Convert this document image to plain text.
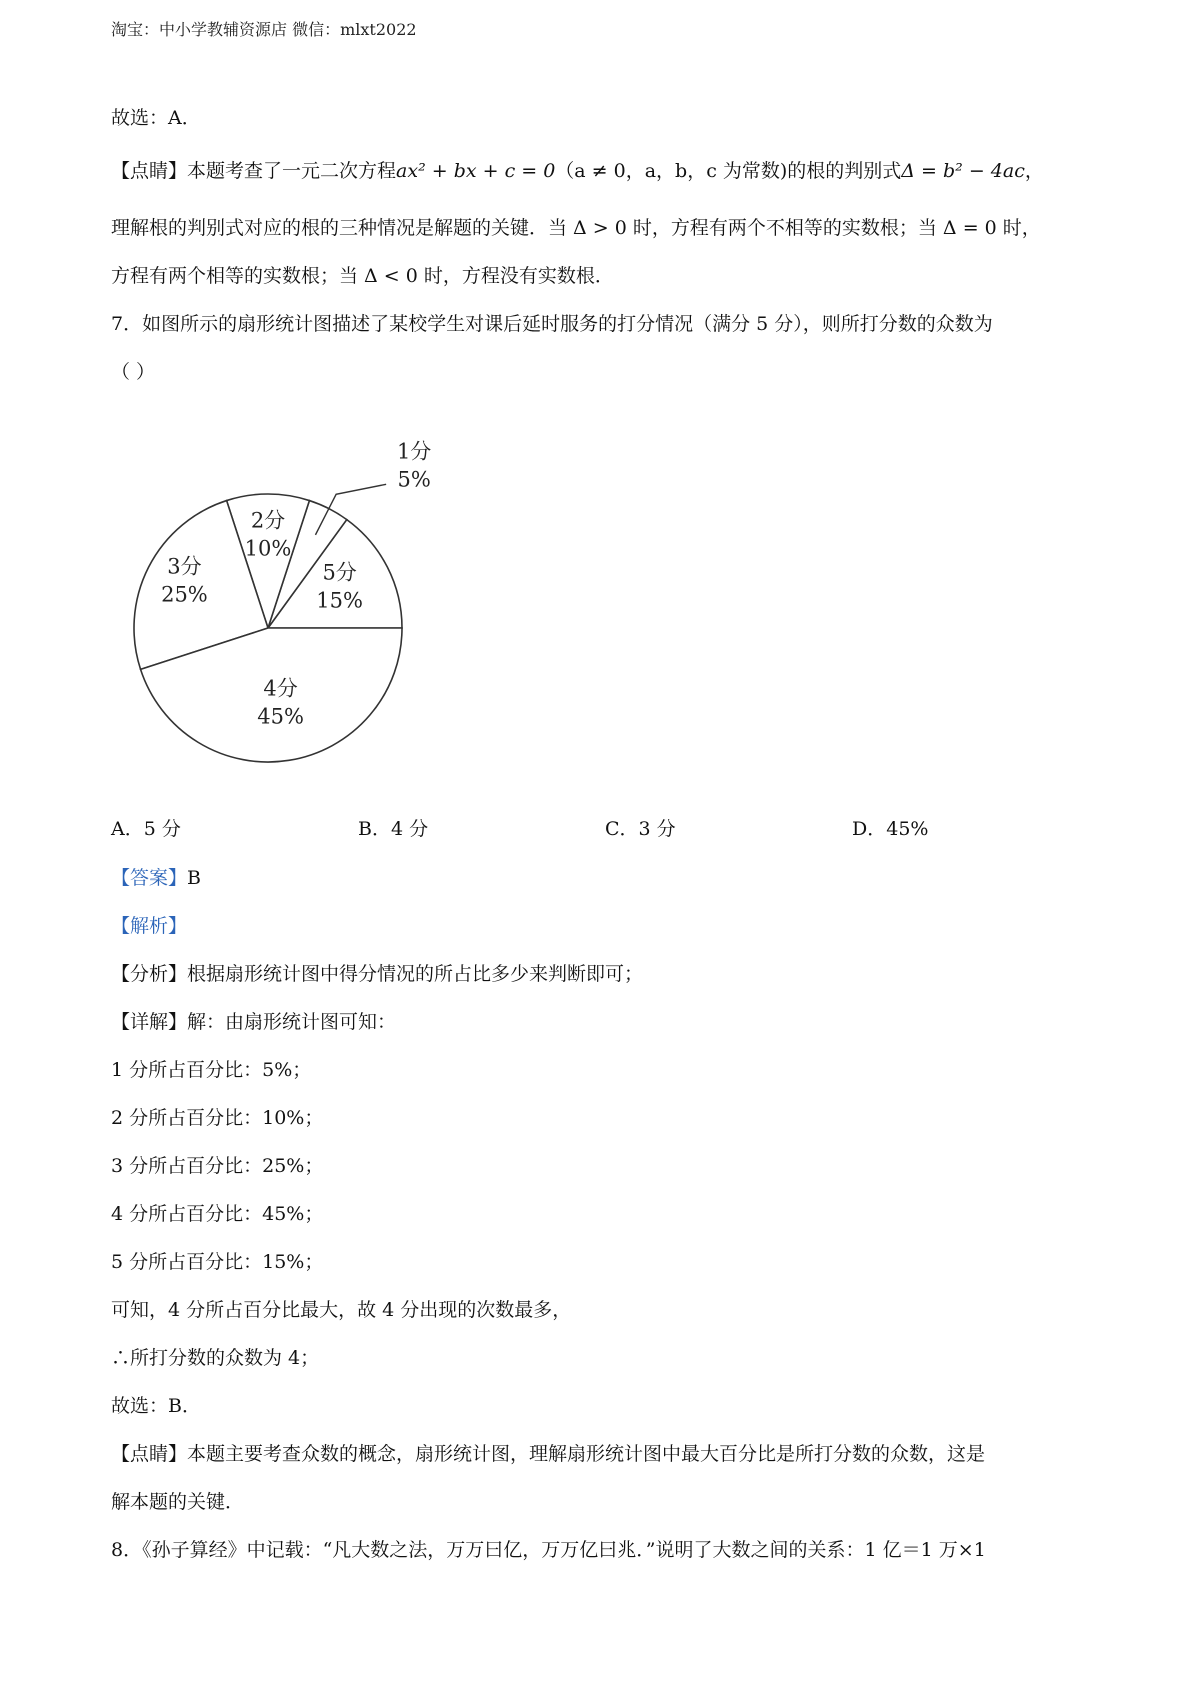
淘宝：中小学教辅资源店 微信：mlxt2022
故选：A．
【点睛】本题考查了一元二次方程ax² + bx + c = 0（a ≠ 0，a，b，c 为常数)的根的判别式Δ = b² − 4ac，
理解根的判别式对应的根的三种情况是解题的关键．当 Δ > 0 时，方程有两个不相等的实数根；当 Δ = 0 时，
方程有两个相等的实数根；当 Δ < 0 时，方程没有实数根．
7．如图所示的扇形统计图描述了某校学生对课后延时服务的打分情况（满分 5 分），则所打分数的众数为
（ ）
5分
15%
1分
5%
2分
10%
3分
25%
4分
45%
A．5 分	B．4 分	C．3 分	D．45%
【答案】B
【解析】
【分析】根据扇形统计图中得分情况的所占比多少来判断即可；
【详解】解：由扇形统计图可知：
1 分所占百分比：5%；
2 分所占百分比：10%；
3 分所占百分比：25%；
4 分所占百分比：45%；
5 分所占百分比：15%；
可知，4 分所占百分比最大，故 4 分出现的次数最多，
∴所打分数的众数为 4；
故选：B．
【点睛】本题主要考查众数的概念，扇形统计图，理解扇形统计图中最大百分比是所打分数的众数，这是
解本题的关键．
8．《孙子算经》中记载：“凡大数之法，万万曰亿，万万亿曰兆．”说明了大数之间的关系：1 亿＝1 万×1
